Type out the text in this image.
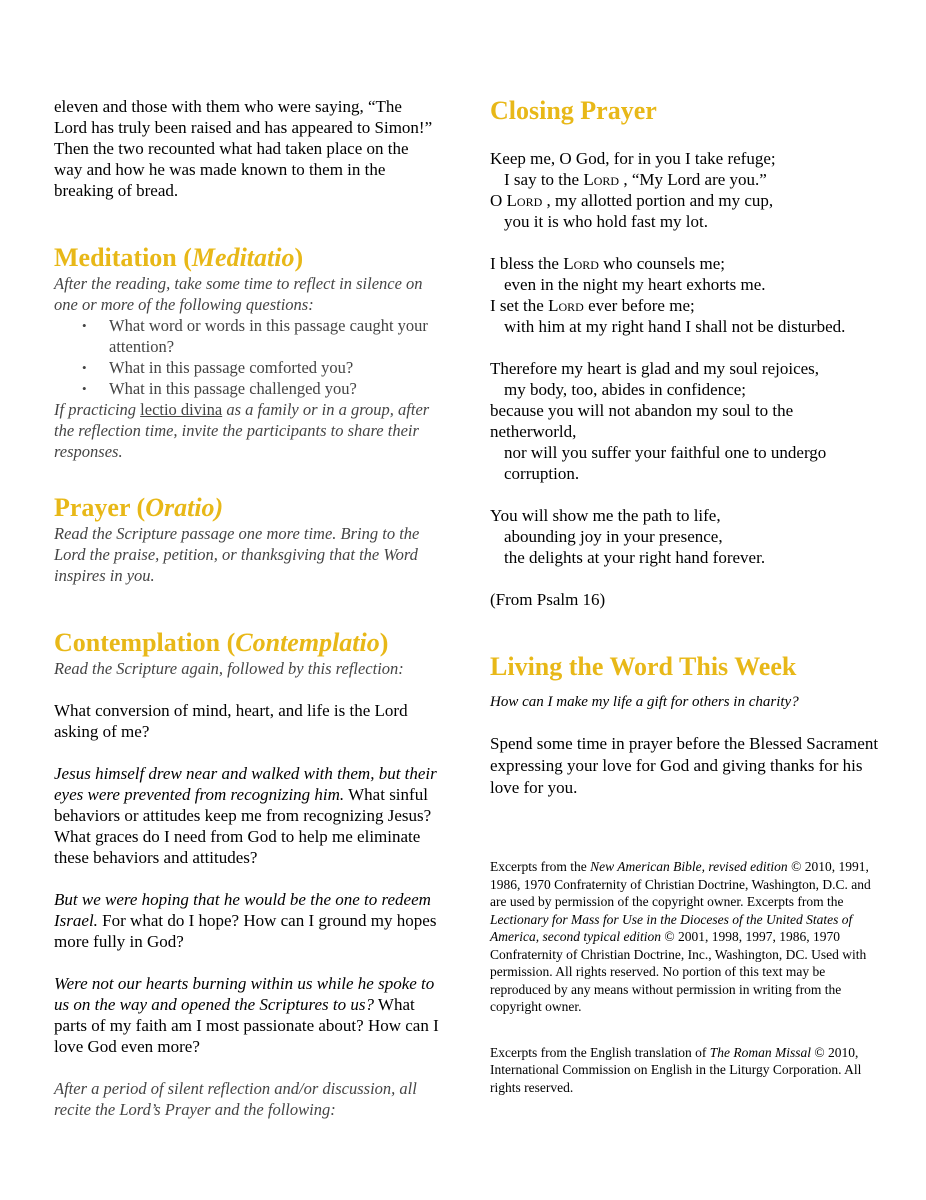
eleven and those with them who were saying, “The Lord has truly been raised and has appeared to Simon!” Then the two recounted what had taken place on the way and how he was made known to them in the breaking of bread.

Meditation (Meditatio)

After the reading, take some time to reflect in silence on one or more of the following questions:

• What word or words in this passage caught your attention?
• What in this passage comforted you?
• What in this passage challenged you?

If practicing lectio divina as a family or in a group, after the reflection time, invite the participants to share their responses.

Prayer (Oratio)

Read the Scripture passage one more time. Bring to the Lord the praise, petition, or thanksgiving that the Word inspires in you.

Contemplation (Contemplatio)

Read the Scripture again, followed by this reflection:

What conversion of mind, heart, and life is the Lord asking of me?

Jesus himself drew near and walked with them, but their eyes were prevented from recognizing him. What sinful behaviors or attitudes keep me from recognizing Jesus? What graces do I need from God to help me eliminate these behaviors and attitudes?

But we were hoping that he would be the one to redeem Israel. For what do I hope? How can I ground my hopes more fully in God?

Were not our hearts burning within us while he spoke to us on the way and opened the Scriptures to us? What parts of my faith am I most passionate about? How can I love God even more?

After a period of silent reflection and/or discussion, all recite the Lord’s Prayer and the following:

Closing Prayer

Keep me, O God, for in you I take refuge;

I say to the Lord , “My Lord are you.”

O Lord , my allotted portion and my cup,

you it is who hold fast my lot.

I bless the Lord who counsels me;

even in the night my heart exhorts me.

I set the Lord ever before me;

with him at my right hand I shall not be disturbed.

Therefore my heart is glad and my soul rejoices,

my body, too, abides in confidence;

because you will not abandon my soul to the netherworld,

nor will you suffer your faithful one to undergo corruption.

You will show me the path to life,

abounding joy in your presence,

the delights at your right hand forever.

(From Psalm 16)

Living the Word This Week

How can I make my life a gift for others in charity?

Spend some time in prayer before the Blessed Sacrament expressing your love for God and giving thanks for his love for you.

Excerpts from the New American Bible, revised edition © 2010, 1991, 1986, 1970 Confraternity of Christian Doctrine, Washington, D.C. and are used by permission of the copyright owner. Excerpts from the Lectionary for Mass for Use in the Dioceses of the United States of America, second typical edition © 2001, 1998, 1997, 1986, 1970 Confraternity of Christian Doctrine, Inc., Washington, DC. Used with permission. All rights reserved. No portion of this text may be reproduced by any means without permission in writing from the copyright owner.

Excerpts from the English translation of The Roman Missal © 2010, International Commission on English in the Liturgy Corporation. All rights reserved.
